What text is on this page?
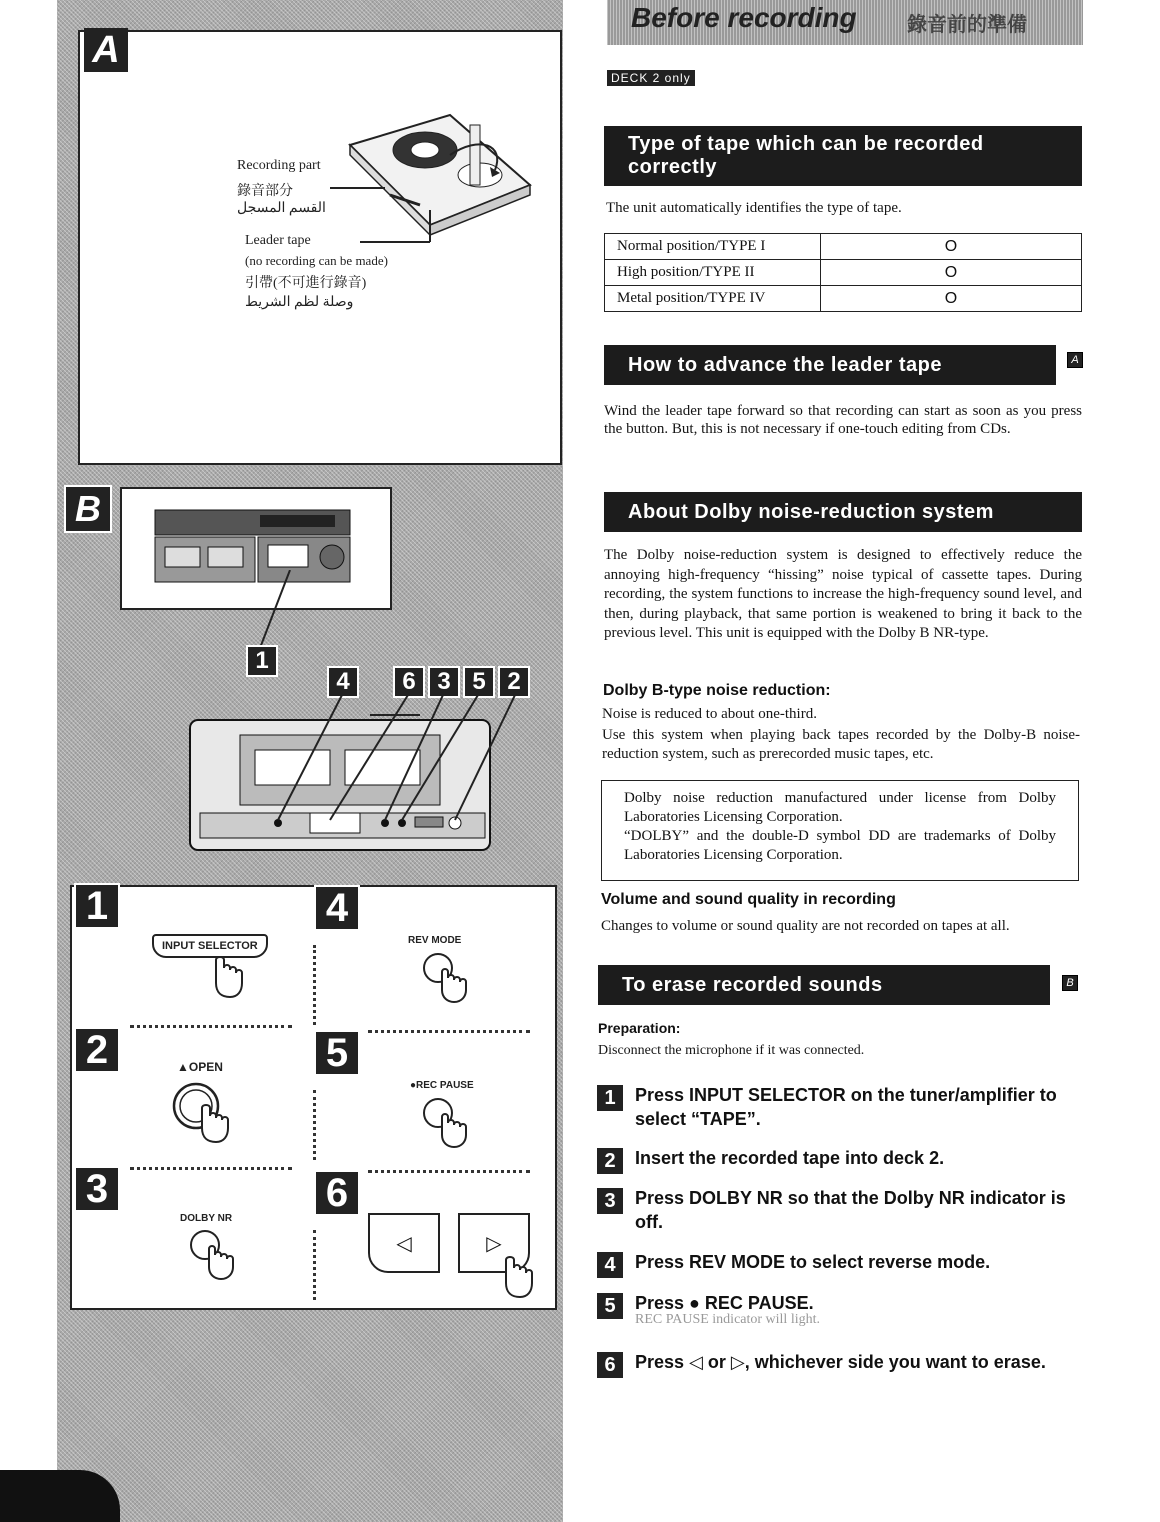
A
Recording part
錄音部分
القسم المسجل
Leader tape
(no recording can be made)
引帶(不可進行錄音)
وصلة لظم الشريط
B
1
4	6 3 5 2
1
2
3
4
5
6
INPUT SELECTOR
▲OPEN
DOLBY NR
REV MODE
●REC PAUSE
◁	▷
Before recording	錄音前的準備
DECK 2 only
Type of tape which can be recorded
correctly
The unit automatically identifies the type of tape.
Normal position/TYPE I	O
High position/TYPE II	O
Metal position/TYPE IV	O
How to advance the leader tape	A
Wind the leader tape forward so that recording can start as soon as you press the button. But, this is not necessary if one-touch editing from CDs.
About Dolby noise-reduction system
The Dolby noise-reduction system is designed to effectively reduce the annoying high-frequency “hissing” noise typical of cassette tapes. During recording, the system functions to increase the high-frequency sound level, and then, during playback, that same portion is weakened to bring it back to the previous level. This unit is equipped with the Dolby B NR-type.
Dolby B-type noise reduction:
Noise is reduced to about one-third.
Use this system when playing back tapes recorded by the Dolby-B noise-reduction system, such as prerecorded music tapes, etc.
Dolby noise reduction manufactured under license from Dolby Laboratories Licensing Corporation.
“DOLBY” and the double-D symbol DD are trademarks of Dolby Laboratories Licensing Corporation.
Volume and sound quality in recording
Changes to volume or sound quality are not recorded on tapes at all.
To erase recorded sounds	B
Preparation:
Disconnect the microphone if it was connected.
1	Press INPUT SELECTOR on the tuner/amplifier to select “TAPE”.
2	Insert the recorded tape into deck 2.
3	Press DOLBY NR so that the Dolby NR indicator is off.
4	Press REV MODE to select reverse mode.
5	Press ● REC PAUSE.
REC PAUSE indicator will light.
6	Press ◁ or ▷, whichever side you want to erase.
